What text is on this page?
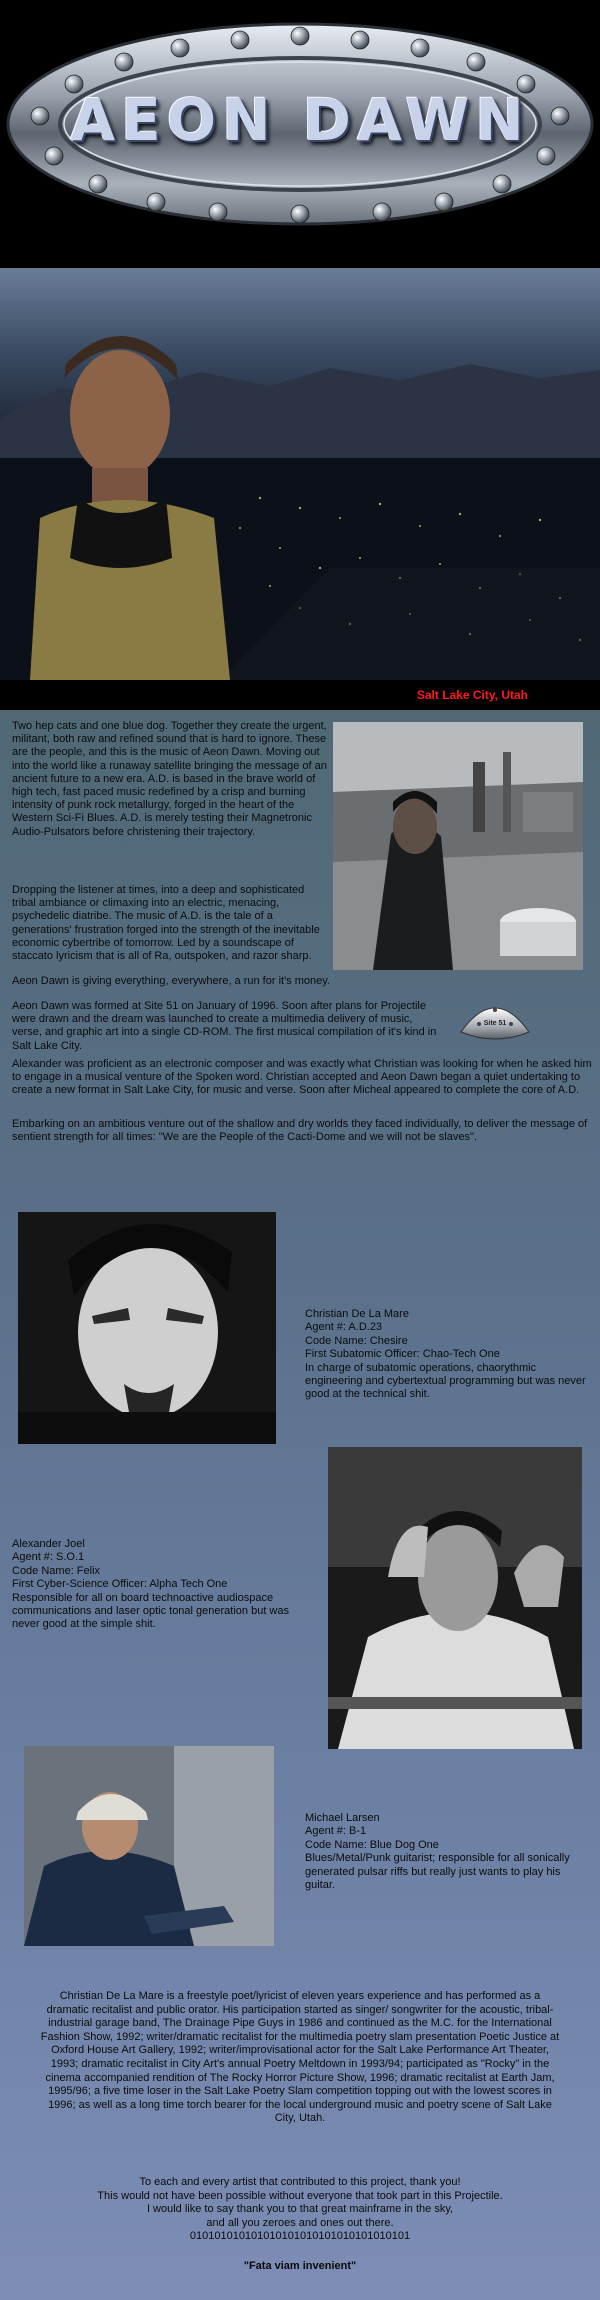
AEON DAWN
Salt Lake City, Utah

Two hep cats and one blue dog. Together they create the urgent, militant, both raw and refined sound that is hard to ignore. These are the people, and this is the music of Aeon Dawn. Moving out into the world like a runaway satellite bringing the message of an ancient future to a new era. A.D. is based in the brave world of high tech, fast paced music redefined by a crisp and burning intensity of punk rock metallurgy, forged in the heart of the Western Sci-Fi Blues. A.D. is merely testing their Magnetronic Audio-Pulsators before christening their trajectory.

Dropping the listener at times, into a deep and sophisticated tribal ambiance or climaxing into an electric, menacing, psychedelic diatribe. The music of A.D. is the tale of a generations' frustration forged into the strength of the inevitable economic cybertribe of tomorrow. Led by a soundscape of staccato lyricism that is all of Ra, outspoken, and razor sharp.

Aeon Dawn is giving everything, everywhere, a run for it's money.

Aeon Dawn was formed at Site 51 on January of 1996. Soon after plans for Projectile were drawn and the dream was launched to create a multimedia delivery of music, verse, and graphic art into a single CD-ROM. The first musical compilation of it's kind in Salt Lake City.

Site 51

Alexander was proficient as an electronic composer and was exactly what Christian was looking for when he asked him to engage in a musical venture of the Spoken word. Christian accepted and Aeon Dawn began a quiet undertaking to create a new format in Salt Lake City, for music and verse. Soon after Micheal appeared to complete the core of A.D.

Embarking on an ambitious venture out of the shallow and dry worlds they faced individually, to deliver the message of sentient strength for all times: "We are the People of the Cacti-Dome and we will not be slaves".

Christian De La Mare
Agent #: A.D.23
Code Name: Chesire
First Subatomic Officer: Chao-Tech One
In charge of subatomic operations, chaorythmic engineering and cybertextual programming but was never good at the technical shit.
Alexander Joel
Agent #: S.O.1
Code Name: Felix
First Cyber-Science Officer: Alpha Tech One
Responsible for all on board technoactive audiospace communications and laser optic tonal generation but was never good at the simple shit.
Michael Larsen
Agent #: B-1
Code Name: Blue Dog One
Blues/Metal/Punk guitarist; responsible for all sonically generated pulsar riffs but really just wants to play his guitar.
Christian De La Mare is a freestyle poet/lyricist of eleven years experience and has performed as a dramatic recitalist and public orator. His participation started as singer/ songwriter for the acoustic, tribal-industrial garage band, The Drainage Pipe Guys in 1986 and continued as the M.C. for the International Fashion Show, 1992; writer/dramatic recitalist for the multimedia poetry slam presentation Poetic Justice at Oxford House Art Gallery, 1992; writer/improvisational actor for the Salt Lake Performance Art Theater, 1993; dramatic recitalist in City Art's annual Poetry Meltdown in 1993/94; participated as "Rocky" in the cinema accompanied rendition of The Rocky Horror Picture Show, 1996; dramatic recitalist at Earth Jam, 1995/96; a five time loser in the Salt Lake Poetry Slam competition topping out with the lowest scores in 1996; as well as a long time torch bearer for the local underground music and poetry scene of Salt Lake City, Utah.
To each and every artist that contributed to this project, thank you!
This would not have been possible without everyone that took part in this Projectile.
I would like to say thank you to that great mainframe in the sky,
and all you zeroes and ones out there.
010101010101010101010101010101010101
"Fata viam invenient"
